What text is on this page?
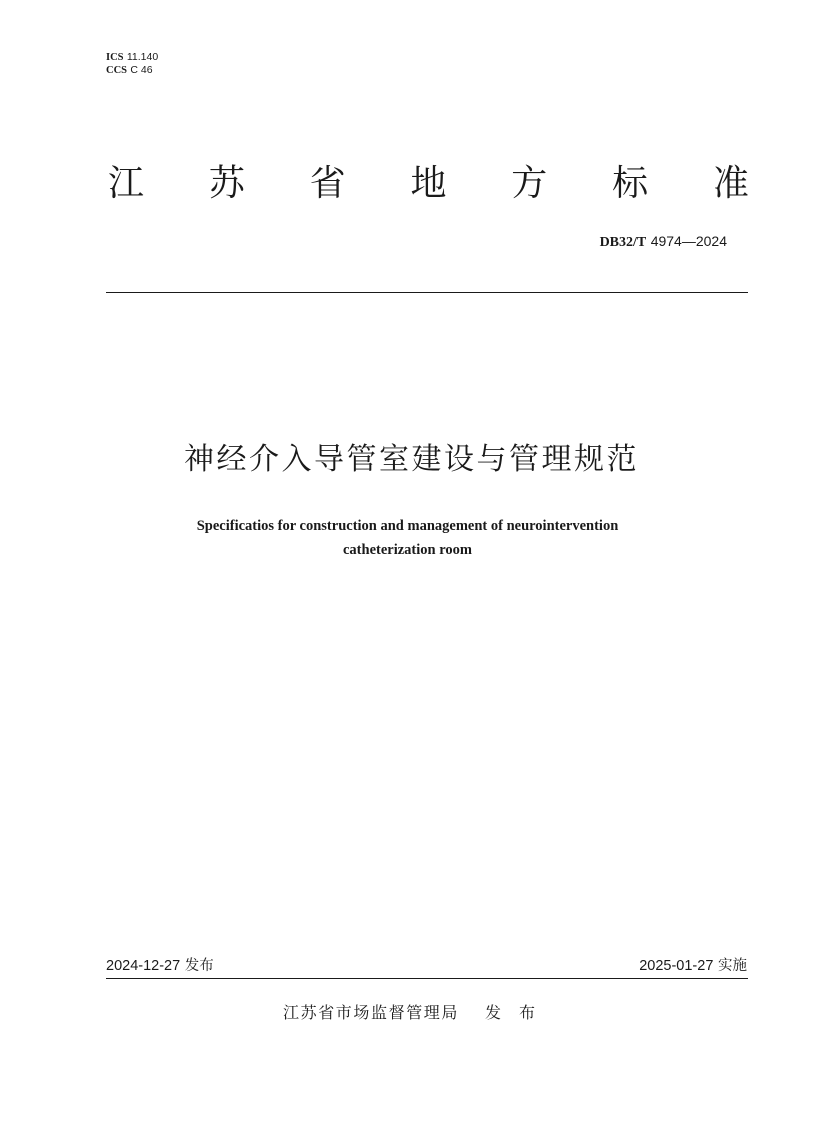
ICS 11.140
CCS C 46
江 苏 省 地 方 标 准
DB32/T 4974—2024
神经介入导管室建设与管理规范
Specificatios for construction and management of neurointervention
catheterization room
2024-12-27 发布	2025-01-27 实施
江苏省市场监督管理局 发布
